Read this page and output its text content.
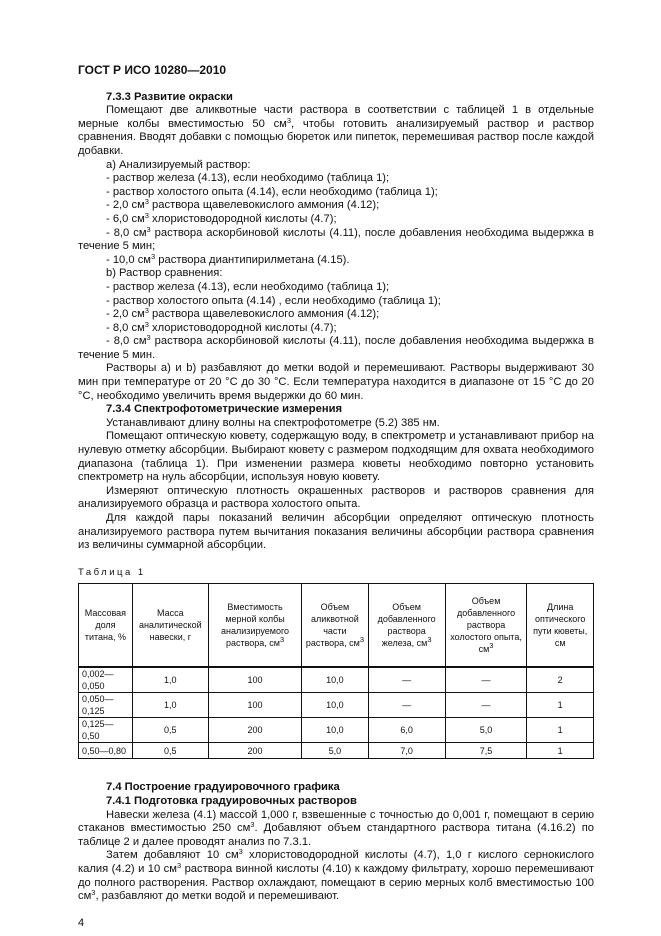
ГОСТ Р ИСО 10280—2010
7.3.3 Развитие окраски

Помещают две аликвотные части раствора в соответствии с таблицей 1 в отдельные мерные колбы вместимостью 50 $см^3$, чтобы готовить анализируемый раствор и раствор сравнения. Вводят добавки с помощью бюреток или пипеток, перемешивая раствор после каждой добавки.

а) Анализируемый раствор:

- раствор железа (4.13), если необходимо (таблица 1);

- раствор холостого опыта (4.14), если необходимо (таблица 1);

- 2,0 $см^3$ раствора щавелевокислого аммония (4.12);

- 6,0 $см^3$ хлористоводородной кислоты (4.7);

- 8,0 $см^3$ раствора аскорбиновой кислоты (4.11), после добавления необходима выдержка в течение 5 мин;

- 10,0 $см^3$ раствора диантипирилметана (4.15).

b) Раствор сравнения:

- раствор железа (4.13), если необходимо (таблица 1);

- раствор холостого опыта (4.14) , если необходимо (таблица 1);

- 2,0 $см^3$ раствора щавелевокислого аммония (4.12);

- 8,0 $см^3$ хлористоводородной кислоты (4.7);

- 8,0 $см^3$ раствора аскорбиновой кислоты (4.11), после добавления необходима выдержка в течение 5 мин.

Растворы а) и b) разбавляют до метки водой и перемешивают. Растворы выдерживают 30 мин при температуре от 20 °С до 30 °С. Если температура находится в диапазоне от 15 °С до 20 °С, необходимо увеличить время выдержки до 60 мин.

7.3.4 Спектрофотометрические измерения

Устанавливают длину волны на спектрофотометре (5.2) 385 нм.

Помещают оптическую кювету, содержащую воду, в спектрометр и устанавливают прибор на нулевую отметку абсорбции. Выбирают кювету с размером подходящим для охвата необходимого диапазона (таблица 1). При изменении размера кюветы необходимо повторно установить спектрометр на нуль абсорбции, используя новую кювету.

Измеряют оптическую плотность окрашенных растворов и растворов сравнения для анализируемого образца и раствора холостого опыта.

Для каждой пары показаний величин абсорбции определяют оптическую плотность анализируемого раствора путем вычитания показания величины абсорбции раствора сравнения из величины суммарной абсорбции.

Таблица 1
Массовая доля титана, %	Масса аналитической навески, г	Вместимость мерной колбы анализируемого раствора, $см^3$	Объем аликвотной части раствора, $см^3$	Объем добавленного раствора железа, $см^3$	Объем добавленного раствора холостого опыта, $см^3$	Длина оптического пути кюветы, см
0,002—0,050	1,0	100	10,0	—	—	2
0,050—0,125	1,0	100	10,0	—	—	1
0,125—0,50	0,5	200	10,0	6,0	5,0	1
0,50—0,80	0,5	200	5,0	7,0	7,5	1
7.4 Построение градуировочного графика
7.4.1 Подготовка градуировочных растворов

Навески железа (4.1) массой 1,000 г, взвешенные с точностью до 0,001 г, помещают в серию стаканов вместимостью 250 $см^3$. Добавляют объем стандартного раствора титана (4.16.2) по таблице 2 и далее проводят анализ по 7.3.1.

Затем добавляют 10 $см^3$ хлористоводородной кислоты (4.7), 1,0 г кислого сернокислого калия (4.2) и 10 $см^3$ раствора винной кислоты (4.10) к каждому фильтрату, хорошо перемешивают до полного растворения. Раствор охлаждают, помещают в серию мерных колб вместимостью 100 $см^3$, разбавляют до метки водой и перемешивают.

4
